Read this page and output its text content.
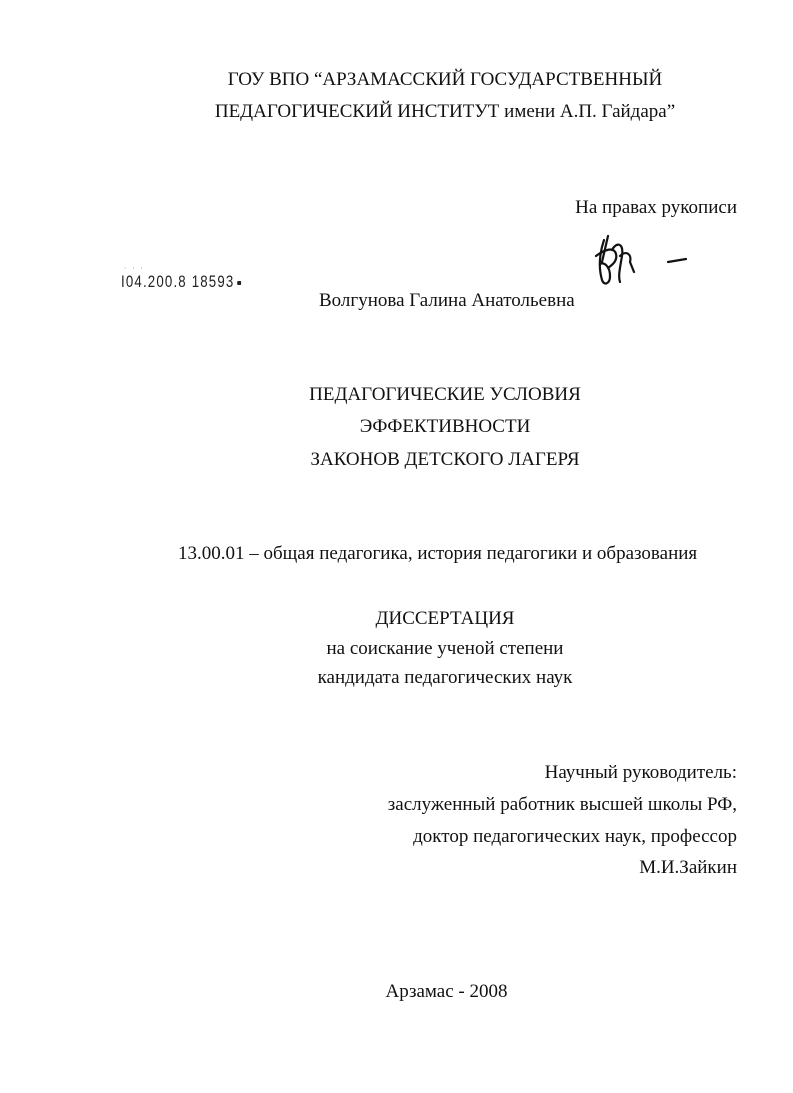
ГОУ ВПО “АРЗАМАССКИЙ ГОСУДАРСТВЕННЫЙ
ПЕДАГОГИЧЕСКИЙ ИНСТИТУТ имени А.П. Гайдара”
На правах рукописи
· · ·
I04.200.8 18593
Волгунова Галина Анатольевна
ПЕДАГОГИЧЕСКИЕ УСЛОВИЯ
ЭФФЕКТИВНОСТИ
ЗАКОНОВ ДЕТСКОГО ЛАГЕРЯ
13.00.01 – общая педагогика, история педагогики и образования
ДИССЕРТАЦИЯ
на соискание ученой степени
кандидата педагогических наук
Научный руководитель:
заслуженный работник высшей школы РФ,
доктор педагогических наук, профессор
М.И.Зайкин
Арзамас - 2008
